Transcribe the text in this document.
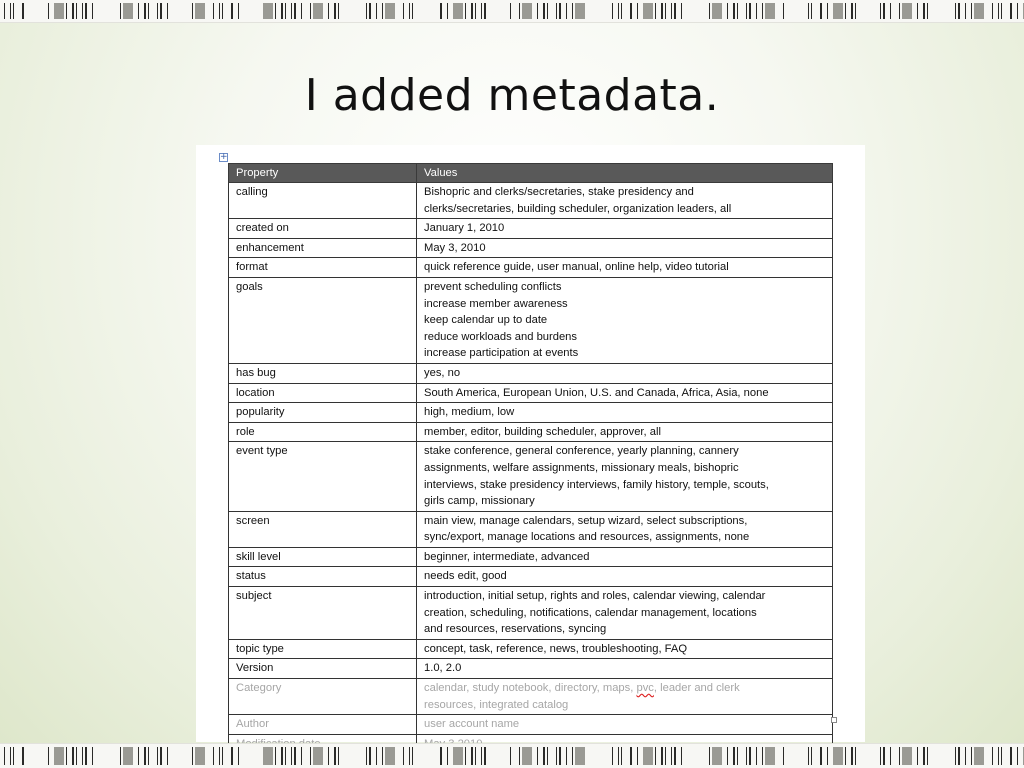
I added metadata.
+
Property	Values
calling	Bishopric and clerks/secretaries, stake presidency and
clerks/secretaries, building scheduler, organization leaders, all
created on	January 1, 2010
enhancement	May 3, 2010
format	quick reference guide, user manual, online help, video tutorial
goals	prevent scheduling conflicts
increase member awareness
keep calendar up to date
reduce workloads and burdens
increase participation at events
has bug	yes, no
location	South America, European Union, U.S. and Canada, Africa, Asia, none
popularity	high, medium, low
role	member, editor, building scheduler, approver, all
event type	stake conference, general conference, yearly planning, cannery
assignments, welfare assignments, missionary meals, bishopric
interviews, stake presidency interviews, family history, temple, scouts,
girls camp, missionary
screen	main view, manage calendars, setup wizard, select subscriptions,
sync/export, manage locations and resources, assignments, none
skill level	beginner, intermediate, advanced
status	needs edit, good
subject	introduction, initial setup, rights and roles, calendar viewing, calendar
creation, scheduling, notifications, calendar management, locations
and resources, reservations, syncing
topic type	concept, task, reference, news, troubleshooting, FAQ
Version	1.0, 2.0
Category	calendar, study notebook, directory, maps, pvc, leader and clerk
resources, integrated catalog
Author	user account name
